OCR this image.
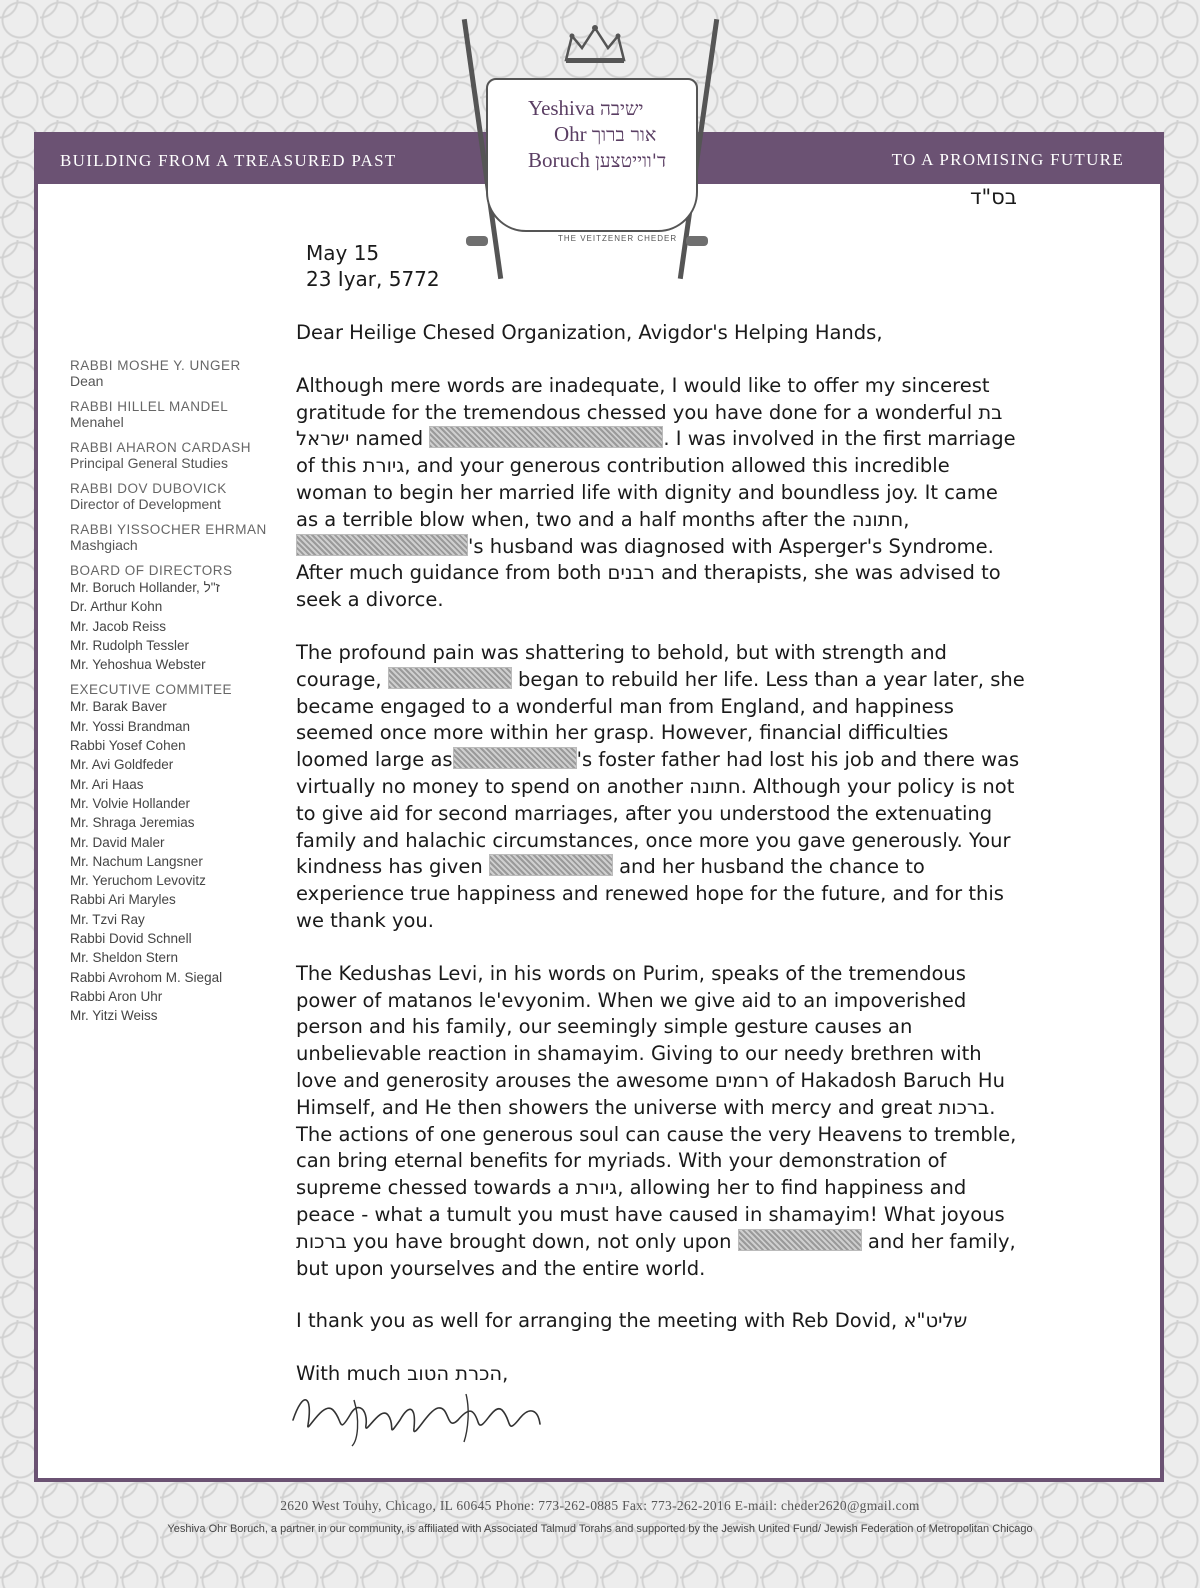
BUILDING FROM A TREASURED PAST	TO A PROMISING FUTURE
Yeshiva ישיבה
Ohr אור ברוך
Boruch ד'ווייטצען
THE VEITZENER CHEDER
בס"ד
May 15
23 Iyar, 5772
RABBI MOSHE Y. UNGER
Dean
RABBI HILLEL MANDEL
Menahel
RABBI AHARON CARDASH
Principal General Studies
RABBI DOV DUBOVICK
Director of Development
RABBI YISSOCHER EHRMAN
Mashgiach
BOARD OF DIRECTORS
Mr. Boruch Hollander, ז"ל
Dr. Arthur Kohn
Mr. Jacob Reiss
Mr. Rudolph Tessler
Mr. Yehoshua Webster
EXECUTIVE COMMITEE
Mr. Barak Baver
Mr. Yossi Brandman
Rabbi Yosef Cohen
Mr. Avi Goldfeder
Mr. Ari Haas
Mr. Volvie Hollander
Mr. Shraga Jeremias
Mr. David Maler
Mr. Nachum Langsner
Mr. Yeruchom Levovitz
Rabbi Ari Maryles
Mr. Tzvi Ray
Rabbi Dovid Schnell
Mr. Sheldon Stern
Rabbi Avrohom M. Siegal
Rabbi Aron Uhr
Mr. Yitzi Weiss

Dear Heilige Chesed Organization, Avigdor's Helping Hands,

Although mere words are inadequate, I would like to offer my sincerest gratitude for the tremendous chessed you have done for a wonderful בת ישראל named	. I was involved in the first marriage of this גיורת, and your generous contribution allowed this incredible woman to begin her married life with dignity and boundless joy. It came as a terrible blow when, two and a half months after the חתונה, 's husband was diagnosed with Asperger's Syndrome. After much guidance from both רבנים and therapists, she was advised to seek a divorce.

The profound pain was shattering to behold, but with strength and courage,	began to rebuild her life. Less than a year later, she became engaged to a wonderful man from England, and happiness seemed once more within her grasp. However, financial difficulties loomed large as	's foster father had lost his job and there was virtually no money to spend on another חתונה. Although your policy is not to give aid for second marriages, after you understood the extenuating family and halachic circumstances, once more you gave generously. Your kindness has given	and her husband the chance to experience true happiness and renewed hope for the future, and for this we thank you.

The Kedushas Levi, in his words on Purim, speaks of the tremendous power of matanos le'evyonim. When we give aid to an impoverished person and his family, our seemingly simple gesture causes an unbelievable reaction in shamayim. Giving to our needy brethren with love and generosity arouses the awesome רחמים of Hakadosh Baruch Hu Himself, and He then showers the universe with mercy and great ברכות. The actions of one generous soul can cause the very Heavens to tremble, can bring eternal benefits for myriads. With your demonstration of supreme chessed towards a גיורת, allowing her to find happiness and peace - what a tumult you must have caused in shamayim! What joyous ברכות you have brought down, not only upon	and her family, but upon yourselves and the entire world.

I thank you as well for arranging the meeting with Reb Dovid, שליט"א

With much הכרת הטוב,

2620 West Touhy, Chicago, IL 60645 Phone: 773-262-0885 Fax: 773-262-2016 E-mail: cheder2620@gmail.com
Yeshiva Ohr Boruch, a partner in our community, is affiliated with Associated Talmud Torahs and supported by the Jewish United Fund/ Jewish Federation of Metropolitan Chicago
